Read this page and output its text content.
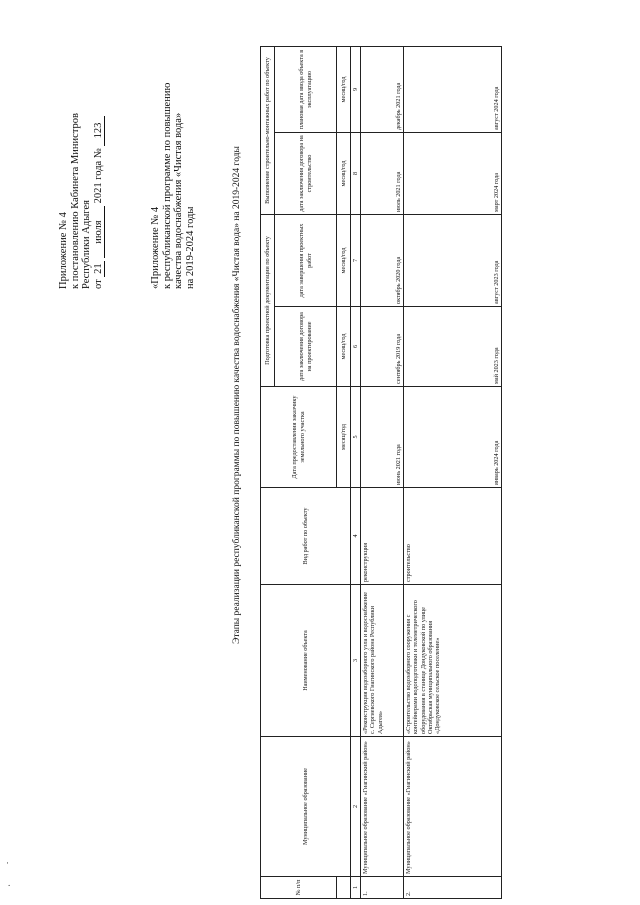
·
.
Приложение № 4 к постановлению Кабинета Министров Республики Адыгея от 21 июля 2021 года № 123
«Приложение № 4 к республиканской программе по повышению качества водоснабжения «Чистая вода» на 2019-2024 годы	Этапы реализации республиканской программы по повышению качества водоснабжения «Чистая вода» на 2019-2024 годы
№ п/п	Муниципальное образование	Наименование объекта	Вид работ по объекту	Дата предоставления заказчику земельного участка	Подготовка проектной документации по объекту		Выполнение строительно-монтажных работ по объекту	
					дата заключения договора на проектирование	дата завершения проектных работ	дата заключения договора на строительство	плановая дата ввода объекта в эксплуатацию
				месяц/год	месяц/год	месяц/год	месяц/год	месяц/год
1	2	3	4	5	6	7	8	9
1.	Муниципальное образование «Гиагинский район»	«Реконструкция водозаборного узла и водоснабжение с. Сергиевского Гиагинского района Республики Адыгея»	реконструкция	июнь 2021 года	сентябрь 2019 года	октябрь 2020 года	июль 2021 года	декабрь 2021 года
2.	Муниципальное образование «Гиагинский район»	«Строительство водозаборного сооружения с контейнерами водоподготовки и телеметрического оборудования в станице Дондуковской по улице Октябрьская муниципального образования «Дондуковское сельское поселение»	строительство	январь 2024 года	май 2023 года	август 2023 года	март 2024 года	август 2024 года
